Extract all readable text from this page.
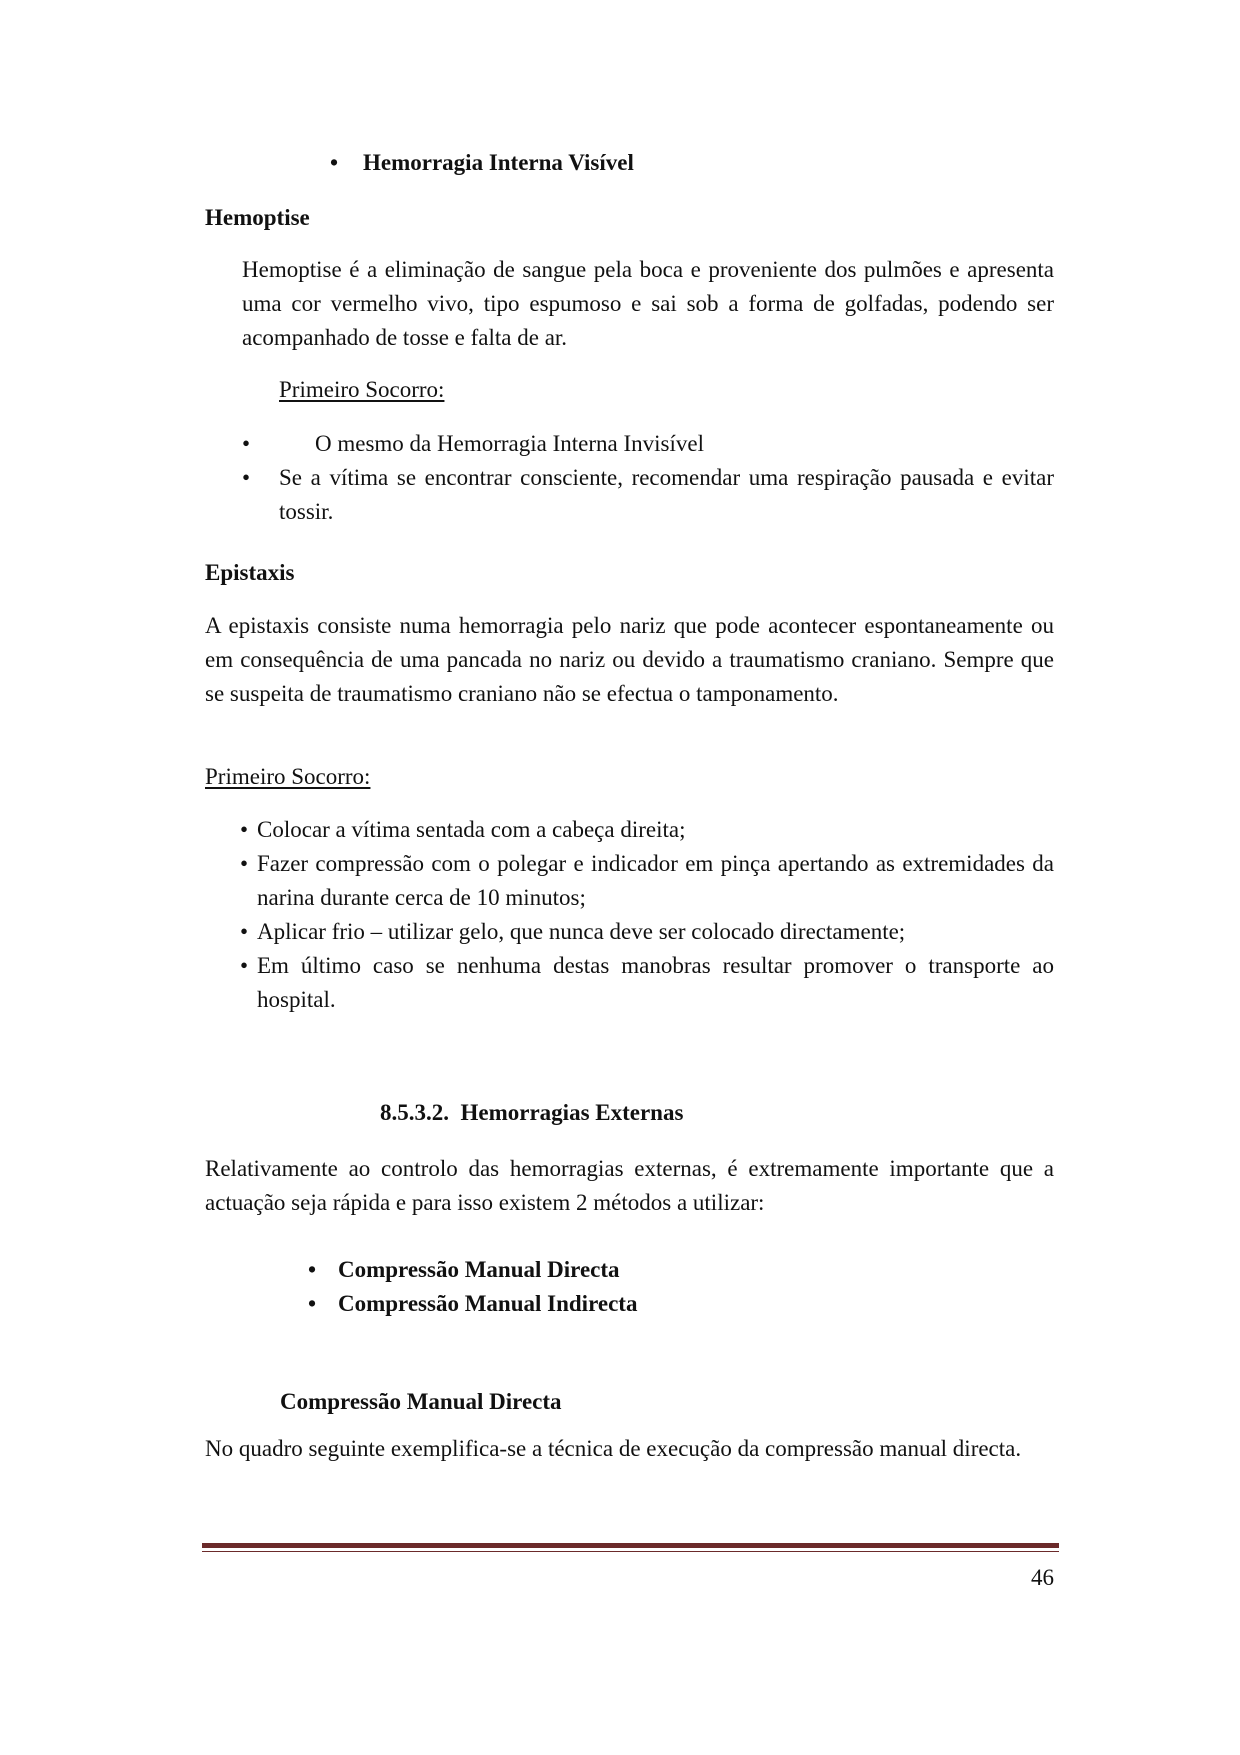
• Hemorragia Interna Visível

Hemoptise

Hemoptise é a eliminação de sangue pela boca e proveniente dos pulmões e apresenta uma cor vermelho vivo, tipo espumoso e sai sob a forma de golfadas, podendo ser acompanhado de tosse e falta de ar.

Primeiro Socorro:

•	O mesmo da Hemorragia Interna Invisível
• Se a vítima se encontrar consciente, recomendar uma respiração pausada e evitar tossir.

Epistaxis

A epistaxis consiste numa hemorragia pelo nariz que pode acontecer espontaneamente ou em consequência de uma pancada no nariz ou devido a traumatismo craniano. Sempre que se suspeita de traumatismo craniano não se efectua o tamponamento.

Primeiro Socorro:

• Colocar a vítima sentada com a cabeça direita;
• Fazer compressão com o polegar e indicador em pinça apertando as extremidades da narina durante cerca de 10 minutos;

• Aplicar frio – utilizar gelo, que nunca deve ser colocado directamente;
• Em último caso se nenhuma destas manobras resultar promover o transporte ao hospital.

8.5.3.2. Hemorragias Externas

Relativamente ao controlo das hemorragias externas, é extremamente importante que a actuação seja rápida e para isso existem 2 métodos a utilizar:

• Compressão Manual Directa
• Compressão Manual Indirecta

Compressão Manual Directa

No quadro seguinte exemplifica-se a técnica de execução da compressão manual directa.

46
